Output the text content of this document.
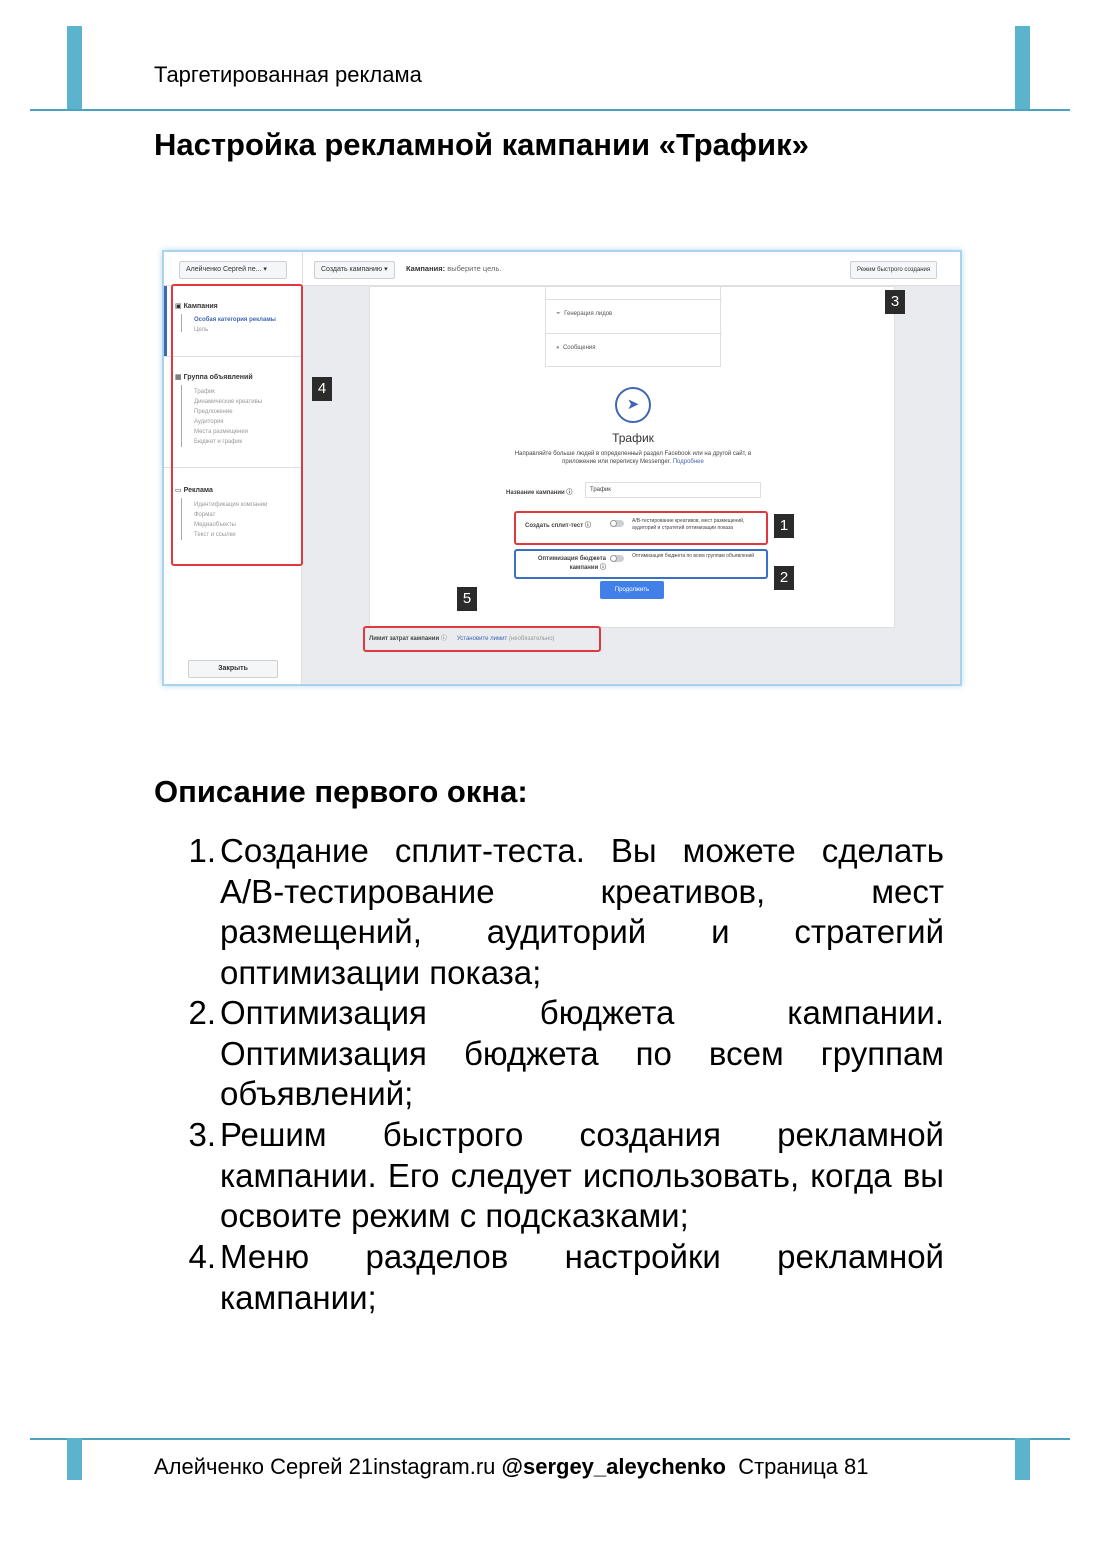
Таргетированная реклама
Настройка рекламной кампании «Трафик»
Алейченко Сергей пе... ▾	Создать кампанию ▾	Кампания: выберите цель.	Режим быстрого создания
▣ Кампания
Особая категория рекламы
Цель
▦ Группа объявлений
Трафик
Динамические креативы
Предложение
Аудитория
Места размещения
Бюджет и график
▭ Реклама
Идентификация компании
Формат
Медиаобъекты
Текст и ссылки
Закрыть
⏷ Генерация лидов
● Сообщения
➤
Трафик
Направляйте больше людей в определенный раздел Facebook или на другой сайт, в приложение или переписку Messenger. Подробнее
Название кампании ⓘ	Трафик
Создать сплит-тест ⓘ
A/B-тестирование креативов, мест размещений, аудиторий и стратегий оптимизации показа
Оптимизация бюджета кампании ⓘ
Оптимизация бюджета по всем группам объявлений
Продолжить
Лимит затрат кампании ⓘ Установите лимит (необязательно)
1
2
3
4
5
Описание первого окна:
1. Создание сплит-теста. Вы можете сделать A/B-тестирование креативов, мест размещений, аудиторий и стратегий оптимизации показа;
2. Оптимизация бюджета кампании. Оптимизация бюджета по всем группам объявлений;
3. Решим быстрого создания рекламной кампании. Его следует использовать, когда вы освоите режим с подсказками;
4. Меню разделов настройки рекламной кампании;
Алейченко Сергей 21instagram.ru @sergey_aleychenko Страница 81
